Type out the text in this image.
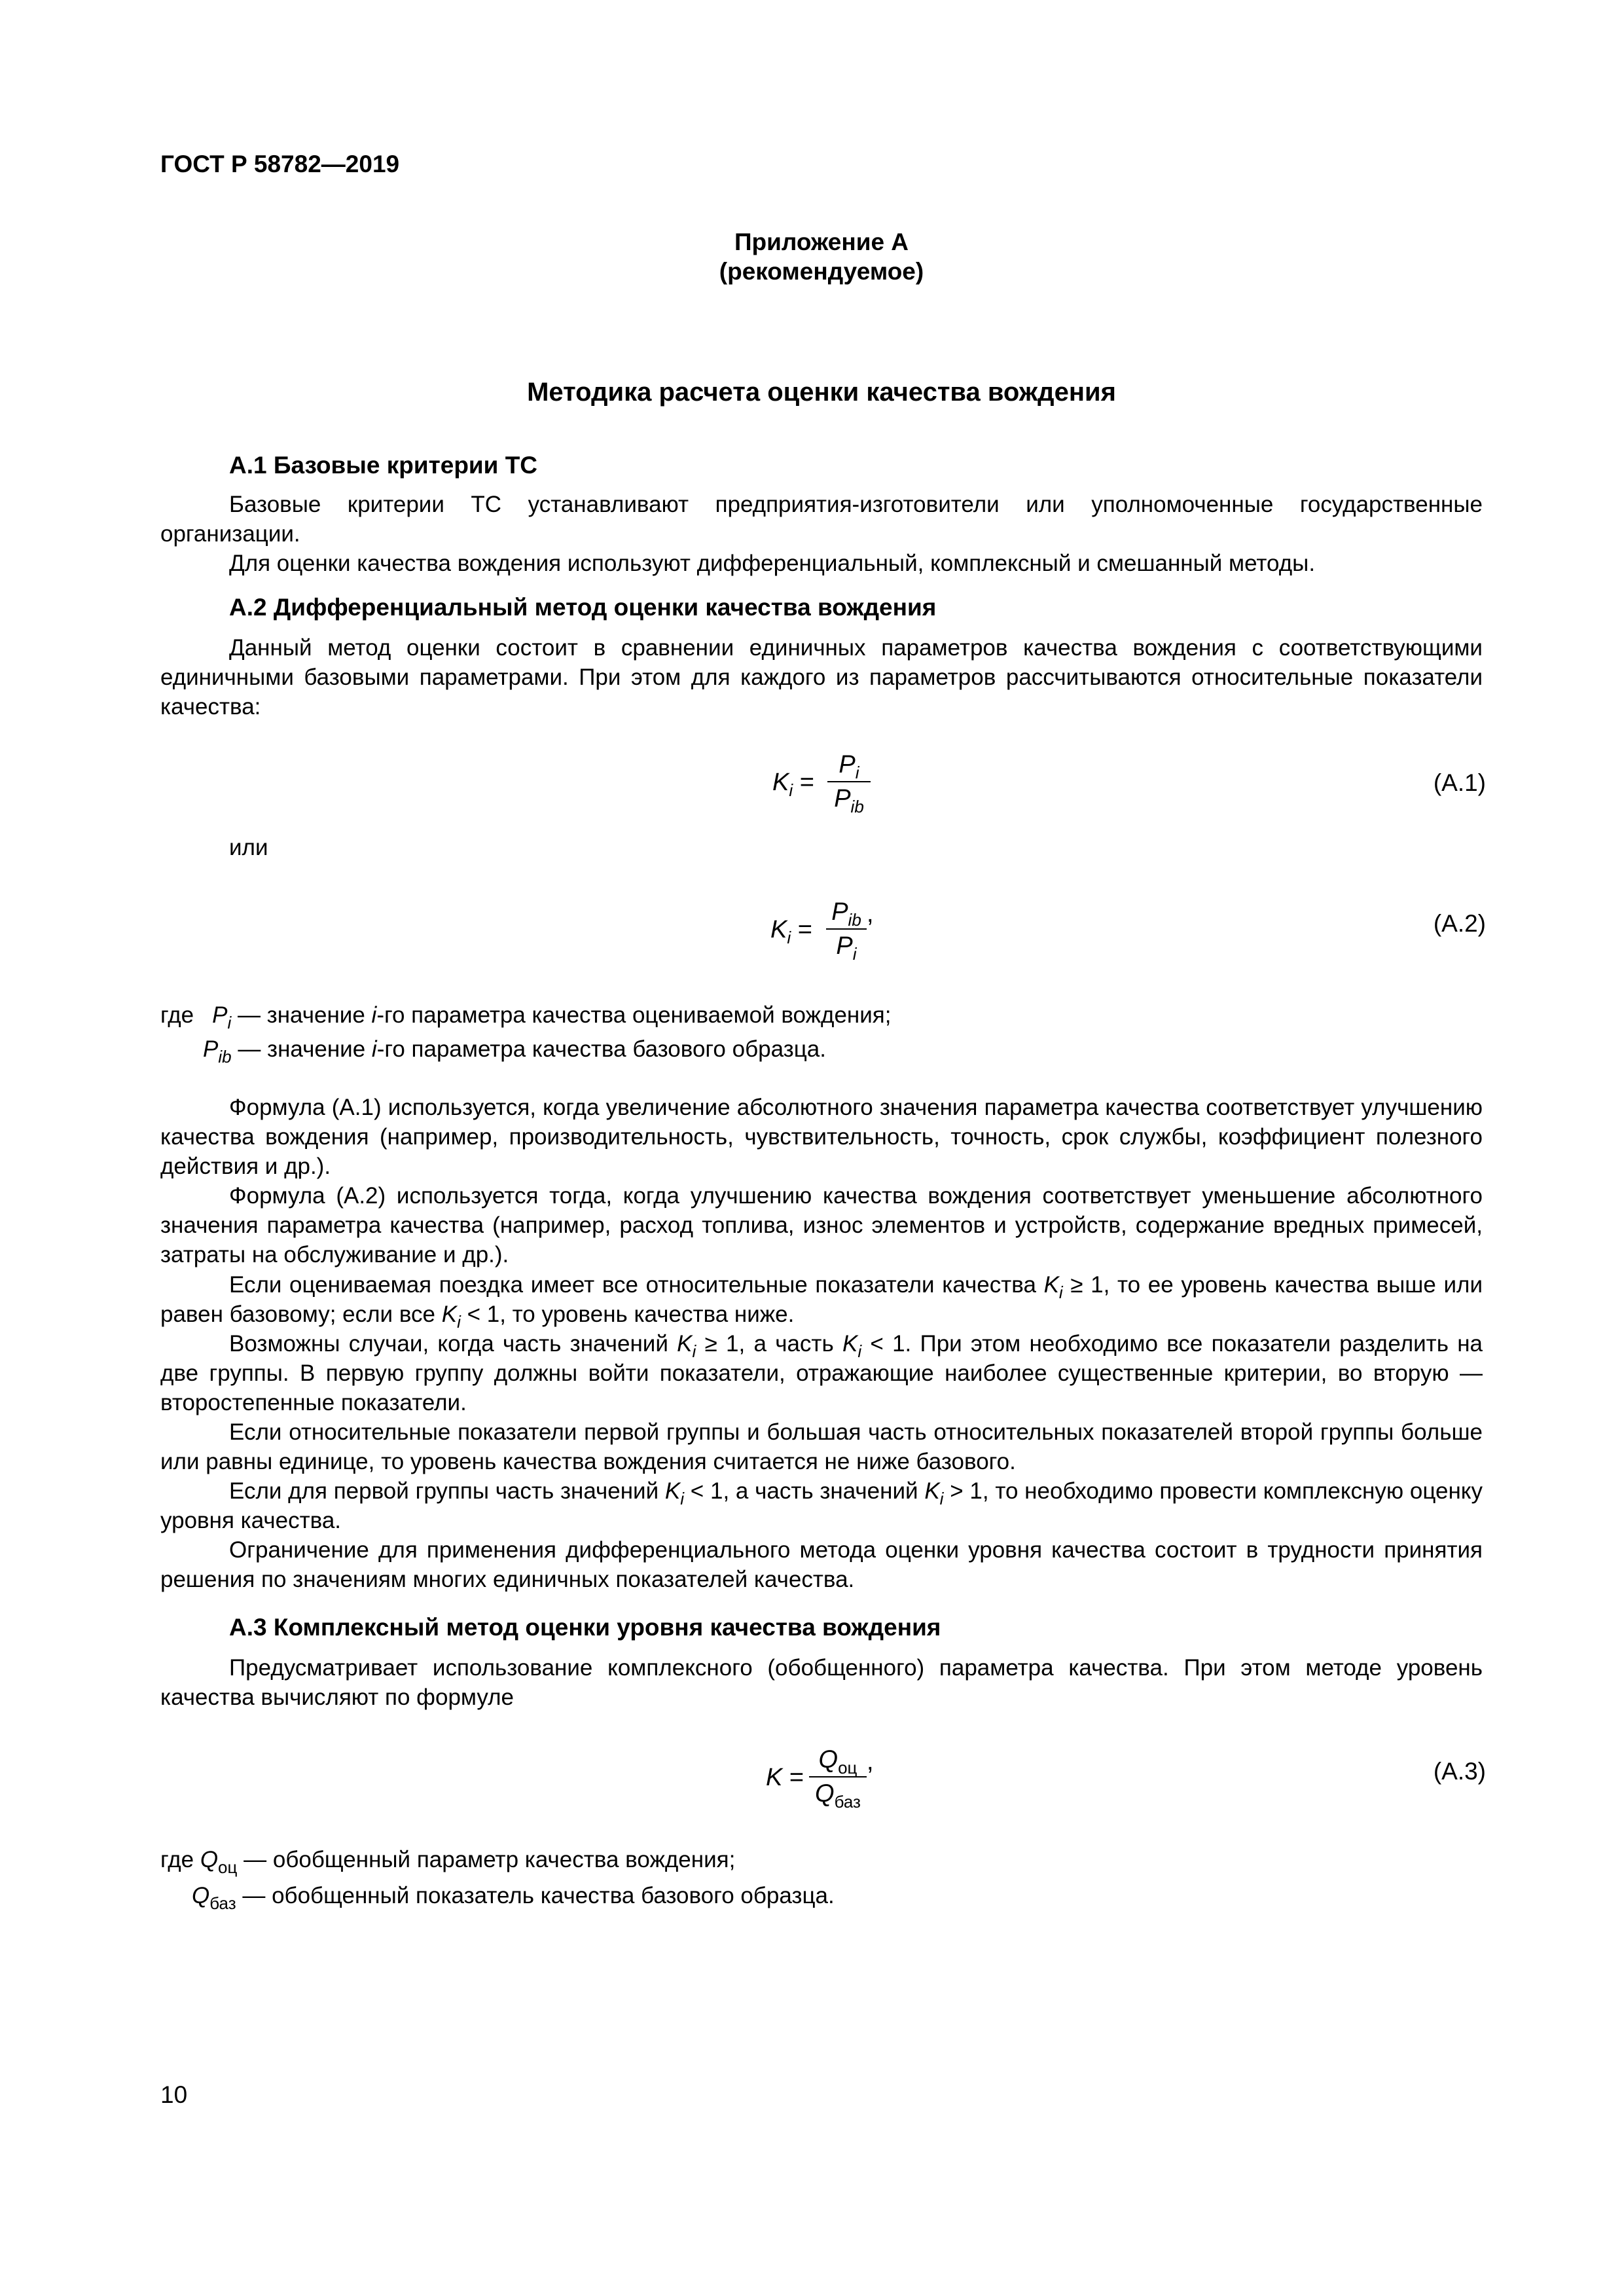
ГОСТ Р 58782—2019
Приложение А
(рекомендуемое)
Методика расчета оценки качества вождения
А.1 Базовые критерии ТС
Базовые критерии ТС устанавливают предприятия-изготовители или уполномоченные государственные организации.
Для оценки качества вождения используют дифференциальный, комплексный и смешанный методы.
А.2 Дифференциальный метод оценки качества вождения
Данный метод оценки состоит в сравнении единичных параметров качества вождения с соответствующими единичными базовыми параметрами. При этом для каждого из параметров рассчитываются относительные показатели качества:
$K_i$ =
$P_i$
$P_{ib}$
(А.1)
или
$K_i$ =
$P_{ib}$
$P_i$
,	(А.2)
где $P_i$ — значение i-го параметра качества оцениваемой вождения;
$P_{ib}$ — значение i-го параметра качества базового образца.
Формула (А.1) используется, когда увеличение абсолютного значения параметра качества соответствует улучшению качества вождения (например, производительность, чувствительность, точность, срок службы, коэффициент полезного действия и др.).
Формула (А.2) используется тогда, когда улучшению качества вождения соответствует уменьшение абсолютного значения параметра качества (например, расход топлива, износ элементов и устройств, содержание вредных примесей, затраты на обслуживание и др.).
Если оцениваемая поездка имеет все относительные показатели качества $K_i \ge 1$, то ее уровень качества выше или равен базовому; если все $K_i < 1$, то уровень качества ниже.
Возможны случаи, когда часть значений $K_i \ge 1$, а часть $K_i < 1$. При этом необходимо все показатели разделить на две группы. В первую группу должны войти показатели, отражающие наиболее существенные критерии, во вторую — второстепенные показатели.
Если относительные показатели первой группы и большая часть относительных показателей второй группы больше или равны единице, то уровень качества вождения считается не ниже базового.
Если для первой группы часть значений $K_i < 1$, а часть значений $K_i > 1$, то необходимо провести комплексную оценку уровня качества.
Ограничение для применения дифференциального метода оценки уровня качества состоит в трудности принятия решения по значениям многих единичных показателей качества.
А.3 Комплексный метод оценки уровня качества вождения
Предусматривает использование комплексного (обобщенного) параметра качества. При этом методе уровень качества вычисляют по формуле
K =
$Q_{оц}$
$Q_{баз}$
,	(А.3)
где $Q_{оц}$ — обобщенный параметр качества вождения;
$Q_{баз}$ — обобщенный показатель качества базового образца.
10
